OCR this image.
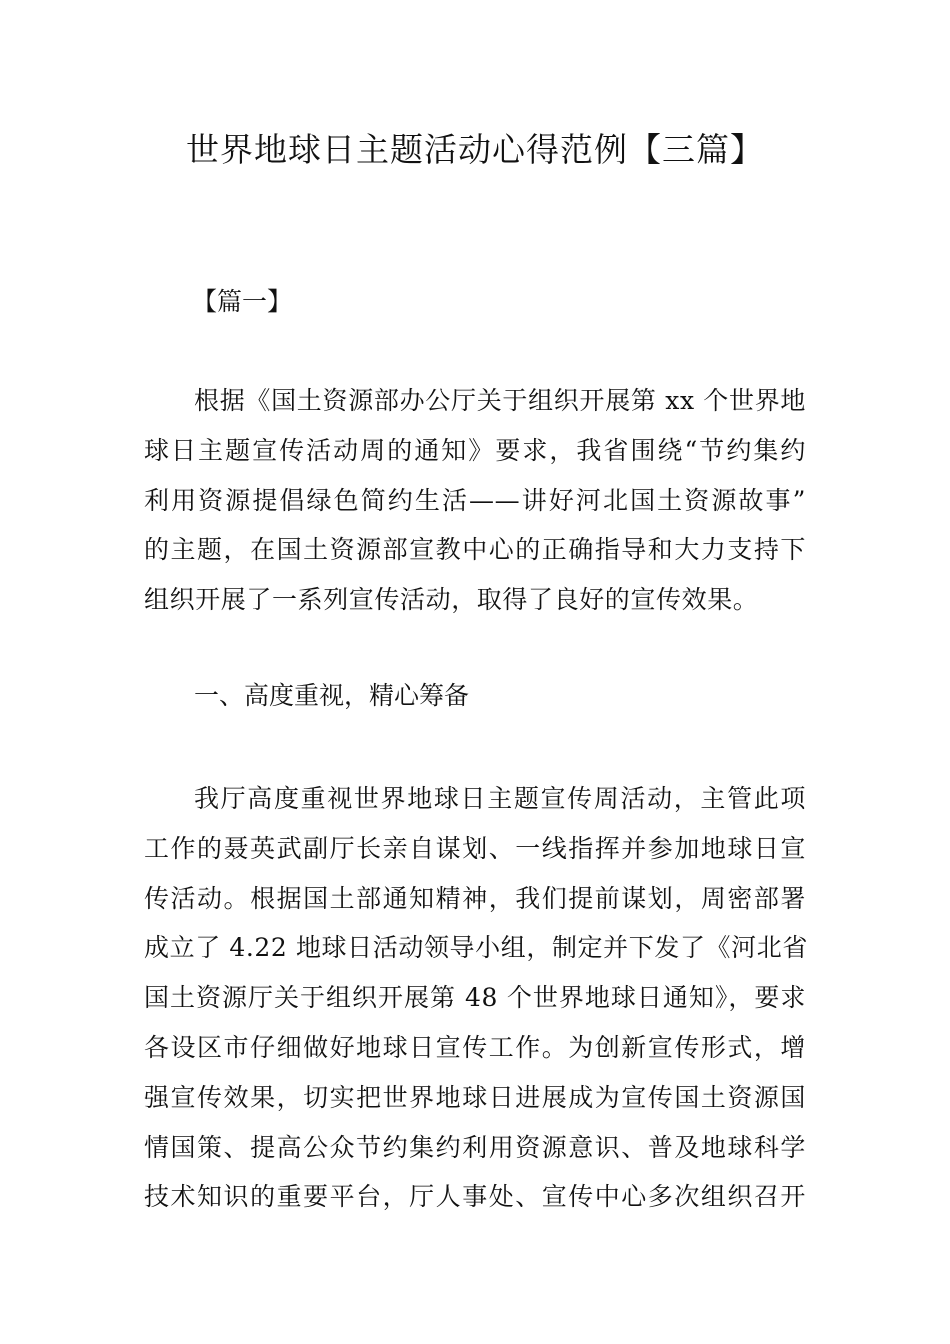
世界地球日主题活动心得范例【三篇】
【篇一】
根据《国土资源部办公厅关于组织开展第 xx 个世界地
球日主题宣传活动周的通知》要求，我省围绕“节约集约
利用资源提倡绿色简约生活——讲好河北国土资源故事”
的主题，在国土资源部宣教中心的正确指导和大力支持下
组织开展了一系列宣传活动，取得了良好的宣传效果。
一、高度重视，精心筹备
我厅高度重视世界地球日主题宣传周活动，主管此项
工作的聂英武副厅长亲自谋划、一线指挥并参加地球日宣
传活动。根据国土部通知精神，我们提前谋划，周密部署
成立了 4.22 地球日活动领导小组，制定并下发了《河北省
国土资源厅关于组织开展第 48 个世界地球日通知》，要求
各设区市仔细做好地球日宣传工作。为创新宣传形式，增
强宣传效果，切实把世界地球日进展成为宣传国土资源国
情国策、提高公众节约集约利用资源意识、普及地球科学
技术知识的重要平台，厅人事处、宣传中心多次组织召开
